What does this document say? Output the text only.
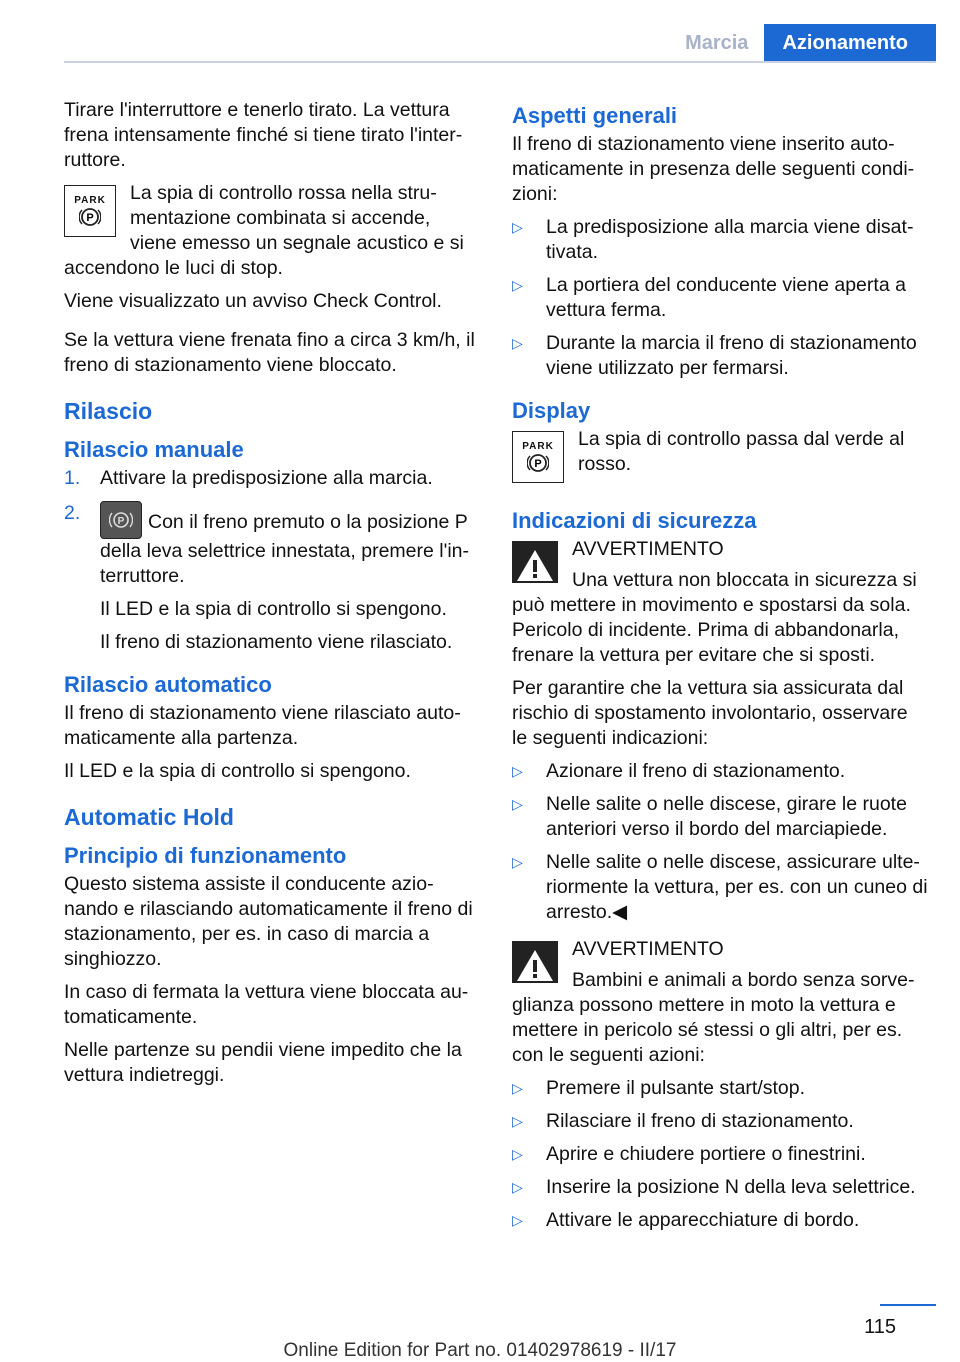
Marcia	Azionamento

Tirare l'interruttore e tenerlo tirato. La vettura frena intensamente finché si tiene tirato l'inter‐ruttore.

PARK
P

La spia di controllo rossa nella stru‐mentazione combinata si accende, viene emesso un segnale acustico e si accendono le luci di stop.

Viene visualizzato un avviso Check Control.

Se la vettura viene frenata fino a circa 3 km/h, il freno di stazionamento viene bloccato.

Rilascio
Rilascio manuale
1. Attivare la predisposizione alla marcia.
2.	P Con il freno premuto o la posizione P della leva selettrice innestata, premere l'in‐terruttore.
Il LED e la spia di controllo si spengono.
Il freno di stazionamento viene rilasciato.
Rilascio automatico

Il freno di stazionamento viene rilasciato auto‐maticamente alla partenza.

Il LED e la spia di controllo si spengono.

Automatic Hold
Principio di funzionamento

Questo sistema assiste il conducente azio‐nando e rilasciando automaticamente il freno di stazionamento, per es. in caso di marcia a singhiozzo.

In caso di fermata la vettura viene bloccata au‐tomaticamente.

Nelle partenze su pendii viene impedito che la vettura indietreggi.

Aspetti generali

Il freno di stazionamento viene inserito auto‐maticamente in presenza delle seguenti condi‐zioni:

▷ La predisposizione alla marcia viene disat‐tivata.
▷ La portiera del conducente viene aperta a vettura ferma.
▷ Durante la marcia il freno di stazionamento viene utilizzato per fermarsi.
Display
PARK
P

La spia di controllo passa dal verde al rosso.

Indicazioni di sicurezza
AVVERTIMENTO

Una vettura non bloccata in sicurezza si può mettere in movimento e spostarsi da sola. Pericolo di incidente. Prima di abbandonarla, frenare la vettura per evitare che si sposti.

Per garantire che la vettura sia assicurata dal rischio di spostamento involontario, osservare le seguenti indicazioni:

▷ Azionare il freno di stazionamento.
▷ Nelle salite o nelle discese, girare le ruote anteriori verso il bordo del marciapiede.
▷ Nelle salite o nelle discese, assicurare ulte‐riormente la vettura, per es. con un cuneo di arresto.◀
AVVERTIMENTO

Bambini e animali a bordo senza sorve‐glianza possono mettere in moto la vettura e mettere in pericolo sé stessi o gli altri, per es. con le seguenti azioni:

▷ Premere il pulsante start/stop.
▷ Rilasciare il freno di stazionamento.
▷ Aprire e chiudere portiere o finestrini.
▷ Inserire la posizione N della leva selettrice.
▷ Attivare le apparecchiature di bordo.
115
Online Edition for Part no. 01402978619 - II/17
